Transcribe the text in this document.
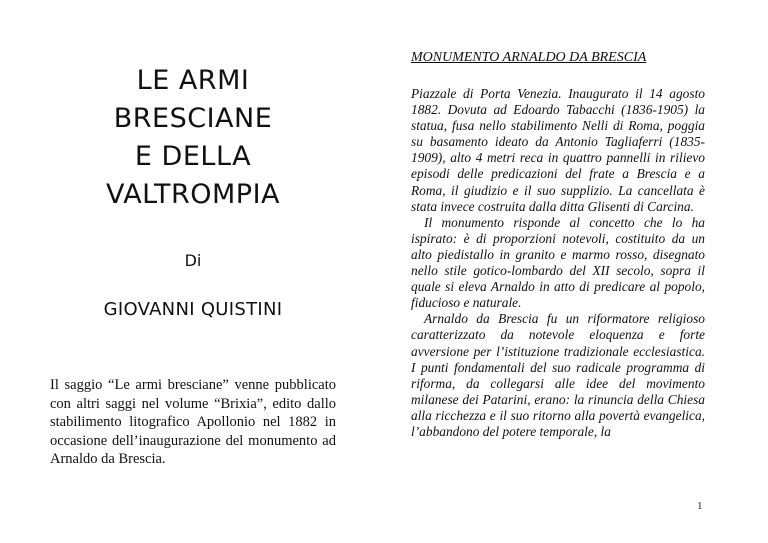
LE ARMI
BRESCIANE
E DELLA
VALTROMPIA
Di
GIOVANNI QUISTINI
Il saggio “Le armi bresciane” venne pubblicato con altri saggi nel volume “Brixia”, edito dallo stabilimento litografico Apollonio nel 1882 in occasione dell’inaugurazione del monumento ad Arnaldo da Brescia.
MONUMENTO ARNALDO DA BRESCIA

Piazzale di Porta Venezia. Inaugurato il 14 agosto 1882. Dovuta ad Edoardo Tabacchi (1836-1905) la statua, fusa nello stabilimento Nelli di Roma, poggia su basamento ideato da Antonio Tagliaferri (1835-1909), alto 4 metri reca in quattro pannelli in rilievo episodi delle predicazioni del frate a Brescia e a Roma, il giudizio e il suo supplizio. La cancellata è stata invece costruita dalla ditta Glisenti di Carcina.

Il monumento risponde al concetto che lo ha ispirato: è di proporzioni notevoli, costituito da un alto piedistallo in granito e marmo rosso, disegnato nello stile gotico-lombardo del XII secolo, sopra il quale si eleva Arnaldo in atto di predicare al popolo, fiducioso e naturale.

Arnaldo da Brescia fu un riformatore religioso caratterizzato da notevole eloquenza e forte avversione per l’istituzione tradizionale ecclesiastica. I punti fondamentali del suo radicale programma di riforma, da collegarsi alle idee del movimento milanese dei Patarini, erano: la rinuncia della Chiesa alla ricchezza e il suo ritorno alla povertà evangelica, l’abbandono del potere temporale, la

1
